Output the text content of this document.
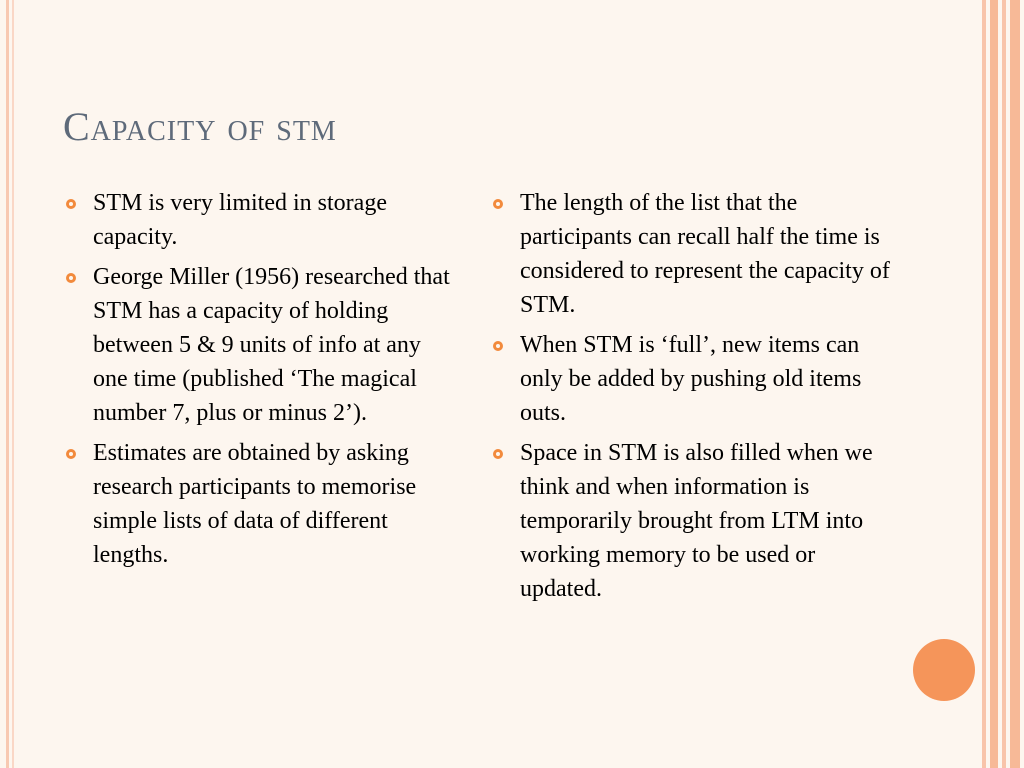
Capacity of stm
STM is very limited in storage capacity.
George Miller (1956) researched that STM has a capacity of holding between 5 & 9 units of info at any one time (published ‘The magical number 7, plus or minus 2’).
Estimates are obtained by asking research participants to memorise simple lists of data of different lengths.
The length of the list that the participants can recall half the time is considered to represent the capacity of STM.
When STM is ‘full’, new items can only be added by pushing old items outs.
Space in STM is also filled when we think and when information is temporarily brought from LTM into working memory to be used or updated.
